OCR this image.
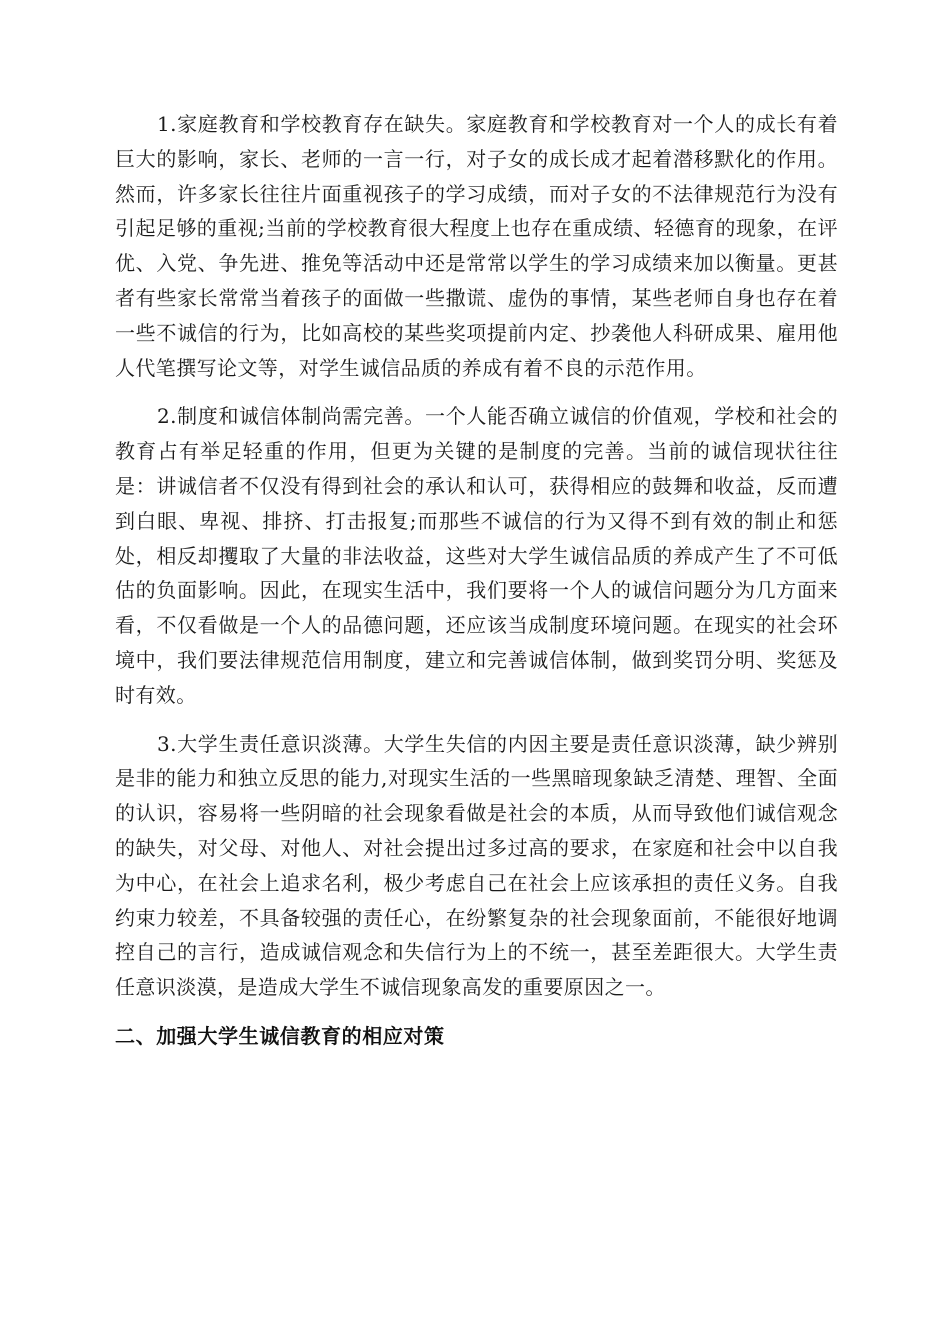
1.家庭教育和学校教育存在缺失。家庭教育和学校教育对一个人的成长有着巨大的影响，家长、老师的一言一行，对子女的成长成才起着潜移默化的作用。然而，许多家长往往片面重视孩子的学习成绩，而对子女的不法律规范行为没有引起足够的重视;当前的学校教育很大程度上也存在重成绩、轻德育的现象，在评优、入党、争先进、推免等活动中还是常常以学生的学习成绩来加以衡量。更甚者有些家长常常当着孩子的面做一些撒谎、虚伪的事情，某些老师自身也存在着一些不诚信的行为，比如高校的某些奖项提前内定、抄袭他人科研成果、雇用他人代笔撰写论文等，对学生诚信品质的养成有着不良的示范作用。

2.制度和诚信体制尚需完善。一个人能否确立诚信的价值观，学校和社会的教育占有举足轻重的作用，但更为关键的是制度的完善。当前的诚信现状往往是：讲诚信者不仅没有得到社会的承认和认可，获得相应的鼓舞和收益，反而遭到白眼、卑视、排挤、打击报复;而那些不诚信的行为又得不到有效的制止和惩处，相反却攫取了大量的非法收益，这些对大学生诚信品质的养成产生了不可低估的负面影响。因此，在现实生活中，我们要将一个人的诚信问题分为几方面来看，不仅看做是一个人的品德问题，还应该当成制度环境问题。在现实的社会环境中，我们要法律规范信用制度，建立和完善诚信体制，做到奖罚分明、奖惩及时有效。

3.大学生责任意识淡薄。大学生失信的内因主要是责任意识淡薄，缺少辨别是非的能力和独立反思的能力,对现实生活的一些黑暗现象缺乏清楚、理智、全面的认识，容易将一些阴暗的社会现象看做是社会的本质，从而导致他们诚信观念的缺失，对父母、对他人、对社会提出过多过高的要求，在家庭和社会中以自我为中心，在社会上追求名利，极少考虑自己在社会上应该承担的责任义务。自我约束力较差，不具备较强的责任心，在纷繁复杂的社会现象面前，不能很好地调控自己的言行，造成诚信观念和失信行为上的不统一，甚至差距很大。大学生责任意识淡漠，是造成大学生不诚信现象高发的重要原因之一。

二、加强大学生诚信教育的相应对策
